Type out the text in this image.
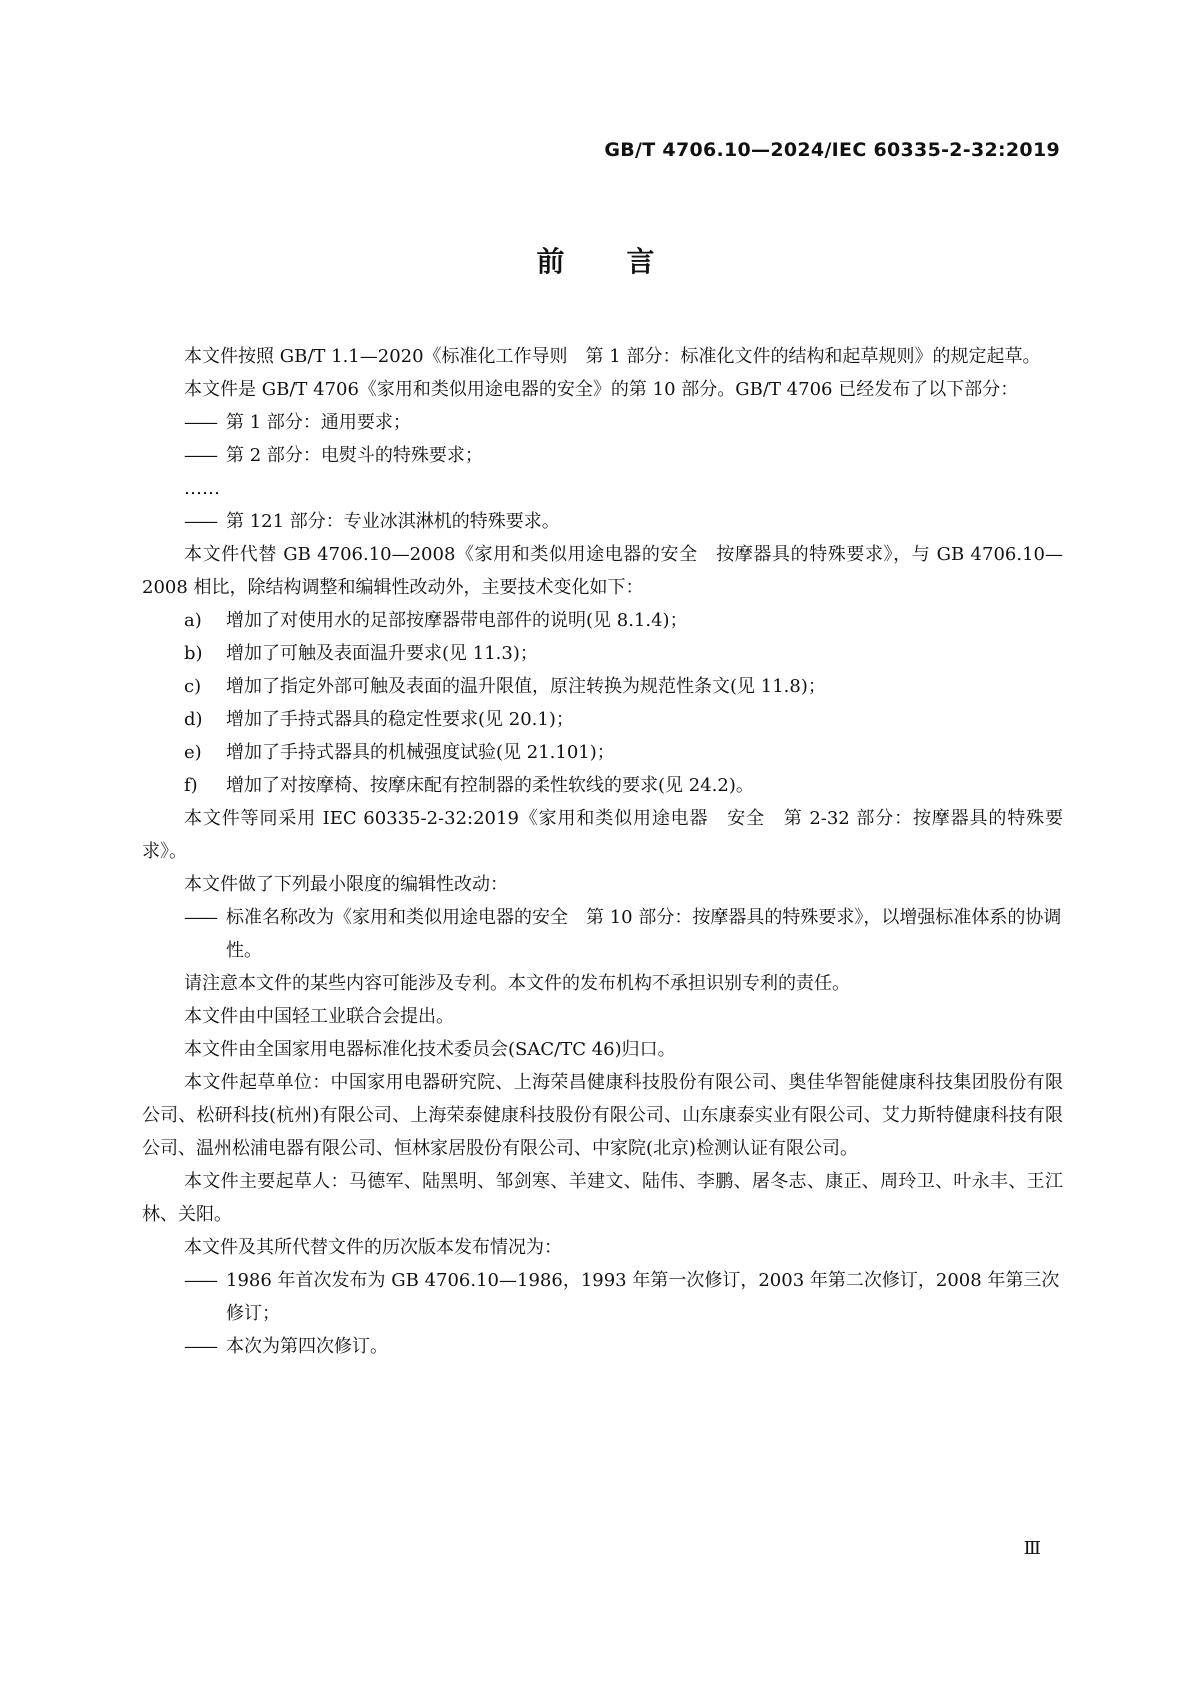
GB/T 4706.10—2024/IEC 60335-2-32:2019
前 言

本文件按照 GB/T 1.1—2020《标准化工作导则　第 1 部分：标准化文件的结构和起草规则》的规定起草。

本文件是 GB/T 4706《家用和类似用途电器的安全》的第 10 部分。GB/T 4706 已经发布了以下部分：

—— 第 1 部分：通用要求；

—— 第 2 部分：电熨斗的特殊要求；

……

—— 第 121 部分：专业冰淇淋机的特殊要求。

本文件代替 GB 4706.10—2008《家用和类似用途电器的安全　按摩器具的特殊要求》，与 GB 4706.10—2008 相比，除结构调整和编辑性改动外，主要技术变化如下：

a) 增加了对使用水的足部按摩器带电部件的说明(见 8.1.4)；

b) 增加了可触及表面温升要求(见 11.3)；

c) 增加了指定外部可触及表面的温升限值，原注转换为规范性条文(见 11.8)；

d) 增加了手持式器具的稳定性要求(见 20.1)；

e) 增加了手持式器具的机械强度试验(见 21.101)；

f) 增加了对按摩椅、按摩床配有控制器的柔性软线的要求(见 24.2)。

本文件等同采用 IEC 60335-2-32:2019《家用和类似用途电器　安全　第 2-32 部分：按摩器具的特殊要求》。

本文件做了下列最小限度的编辑性改动：

—— 标准名称改为《家用和类似用途电器的安全　第 10 部分：按摩器具的特殊要求》，以增强标准体系的协调性。

请注意本文件的某些内容可能涉及专利。本文件的发布机构不承担识别专利的责任。

本文件由中国轻工业联合会提出。

本文件由全国家用电器标准化技术委员会(SAC/TC 46)归口。

本文件起草单位：中国家用电器研究院、上海荣昌健康科技股份有限公司、奥佳华智能健康科技集团股份有限公司、松研科技(杭州)有限公司、上海荣泰健康科技股份有限公司、山东康泰实业有限公司、艾力斯特健康科技有限公司、温州松浦电器有限公司、恒林家居股份有限公司、中家院(北京)检测认证有限公司。

本文件主要起草人：马德军、陆黑明、邹剑寒、羊建文、陆伟、李鹏、屠冬志、康正、周玲卫、叶永丰、王江林、关阳。

本文件及其所代替文件的历次版本发布情况为：

—— 1986 年首次发布为 GB 4706.10—1986，1993 年第一次修订，2003 年第二次修订，2008 年第三次修订；

—— 本次为第四次修订。

Ⅲ
